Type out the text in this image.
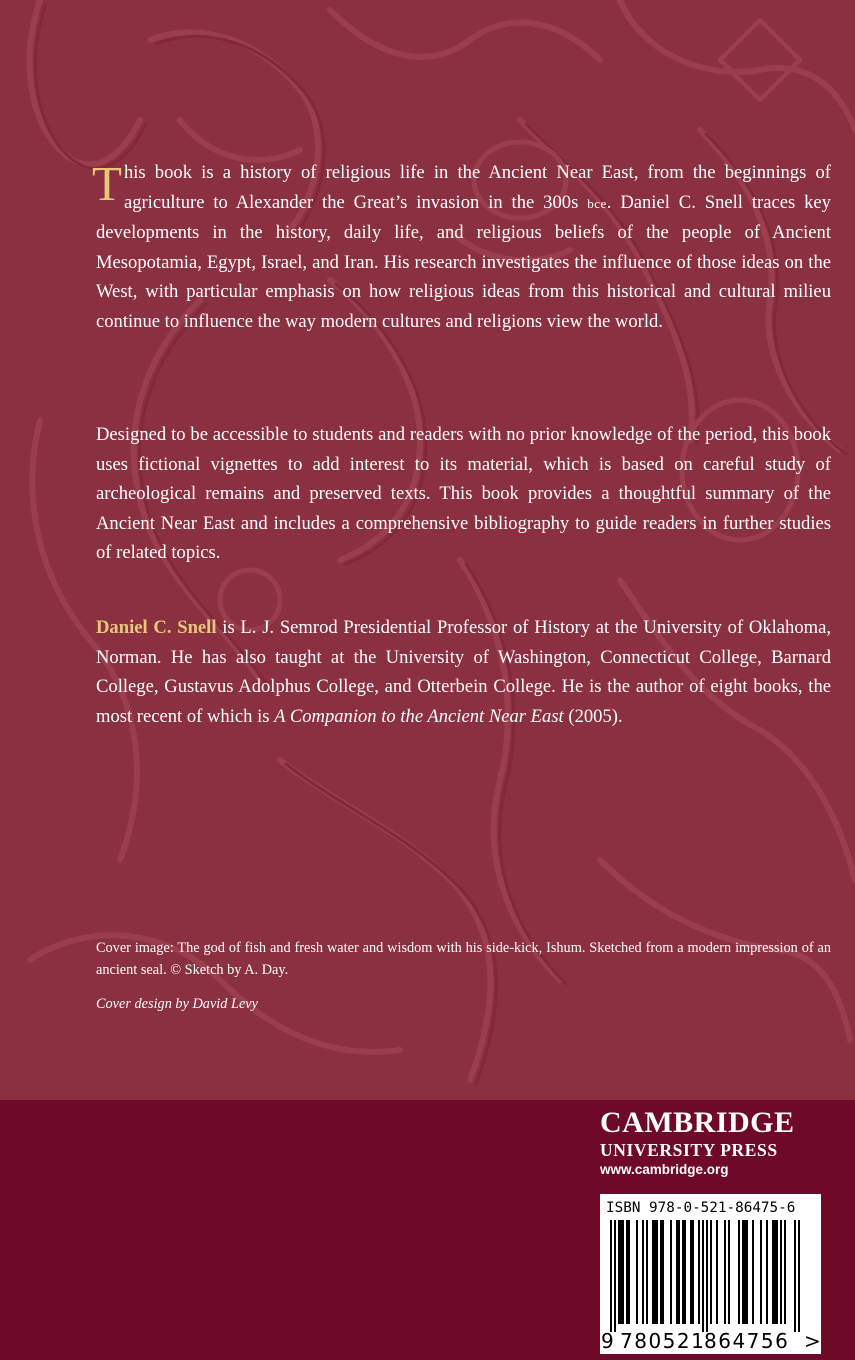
This book is a history of religious life in the Ancient Near East, from the beginnings of agriculture to Alexander the Great’s invasion in the 300s bce. Daniel C. Snell traces key developments in the history, daily life, and religious beliefs of the people of Ancient Mesopotamia, Egypt, Israel, and Iran. His research investigates the influence of those ideas on the West, with particular emphasis on how religious ideas from this historical and cultural milieu continue to influence the way modern cultures and religions view the world.

Designed to be accessible to students and readers with no prior knowledge of the period, this book uses fictional vignettes to add interest to its material, which is based on careful study of archeological remains and preserved texts. This book provides a thoughtful summary of the Ancient Near East and includes a comprehensive bibliography to guide readers in further studies of related topics.

Daniel C. Snell is L. J. Semrod Presidential Professor of History at the University of Oklahoma, Norman. He has also taught at the University of Washington, Connecticut College, Barnard College, Gustavus Adolphus College, and Otterbein College. He is the author of eight books, the most recent of which is A Companion to the Ancient Near East (2005).

Cover image: The god of fish and fresh water and wisdom with his side-kick, Ishum. Sketched from a modern impression of an ancient seal. © Sketch by A. Day.

Cover design by David Levy

CAMBRIDGE
UNIVERSITY PRESS
www.cambridge.org
ISBN 978-0-521-86475-6
9 780521
864756 >
